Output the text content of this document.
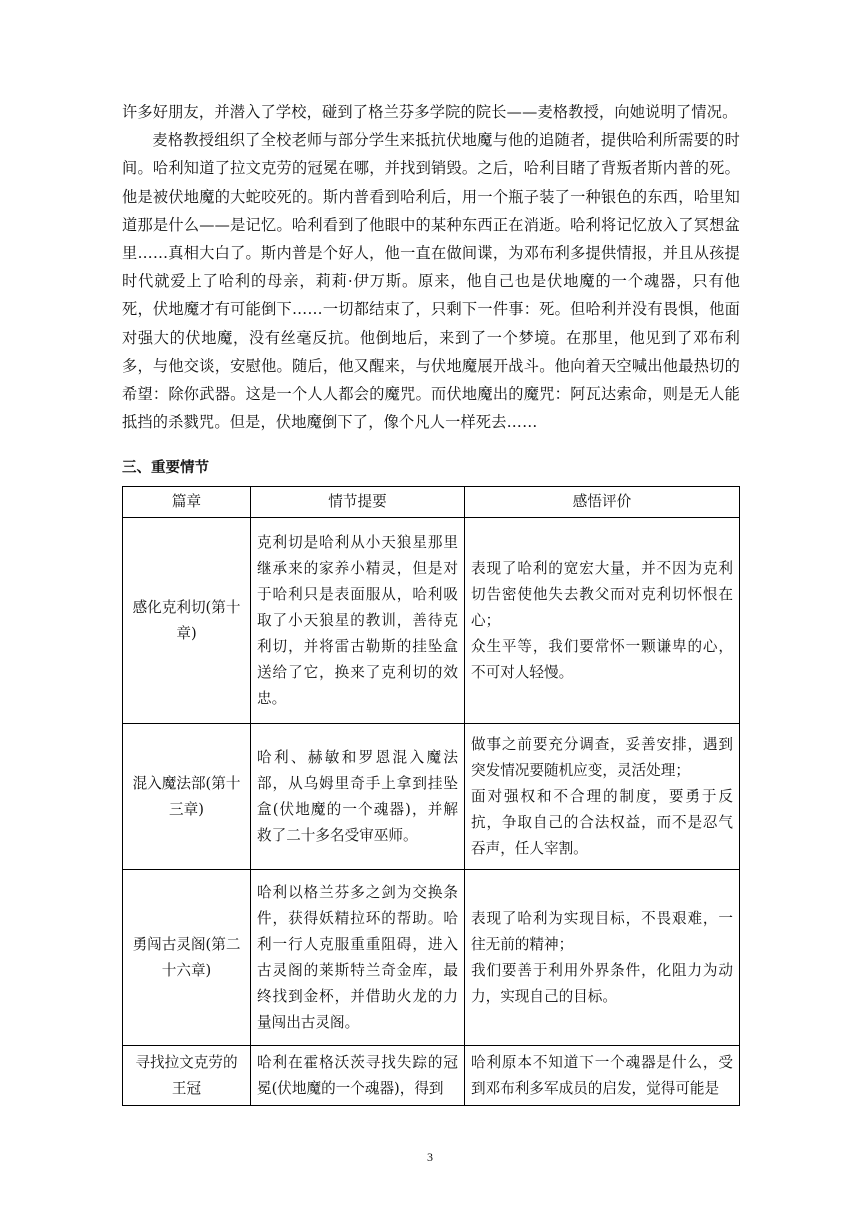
许多好朋友，并潜入了学校，碰到了格兰芬多学院的院长——麦格教授，向她说明了情况。

麦格教授组织了全校老师与部分学生来抵抗伏地魔与他的追随者，提供哈利所需要的时间。哈利知道了拉文克劳的冠冕在哪，并找到销毁。之后，哈利目睹了背叛者斯内普的死。他是被伏地魔的大蛇咬死的。斯内普看到哈利后，用一个瓶子装了一种银色的东西，哈里知道那是什么——是记忆。哈利看到了他眼中的某种东西正在消逝。哈利将记忆放入了冥想盆里……真相大白了。斯内普是个好人，他一直在做间谍，为邓布利多提供情报，并且从孩提时代就爱上了哈利的母亲，莉莉·伊万斯。原来，他自己也是伏地魔的一个魂器，只有他死，伏地魔才有可能倒下……一切都结束了，只剩下一件事：死。但哈利并没有畏惧，他面对强大的伏地魔，没有丝毫反抗。他倒地后，来到了一个梦境。在那里，他见到了邓布利多，与他交谈，安慰他。随后，他又醒来，与伏地魔展开战斗。他向着天空喊出他最热切的希望：除你武器。这是一个人人都会的魔咒。而伏地魔出的魔咒：阿瓦达索命，则是无人能抵挡的杀戮咒。但是，伏地魔倒下了，像个凡人一样死去……

三、重要情节
篇章	情节提要	感悟评价
感化克利切(第十章)	克利切是哈利从小天狼星那里继承来的家养小精灵，但是对于哈利只是表面服从，哈利吸取了小天狼星的教训，善待克利切，并将雷古勒斯的挂坠盒送给了它，换来了克利切的效忠。	表现了哈利的宽宏大量，并不因为克利切告密使他失去教父而对克利切怀恨在心；

众生平等，我们要常怀一颗谦卑的心，不可对人轻慢。

混入魔法部(第十三章)	哈利、赫敏和罗恩混入魔法部，从乌姆里奇手上拿到挂坠盒(伏地魔的一个魂器)，并解救了二十多名受审巫师。	做事之前要充分调查，妥善安排，遇到突发情况要随机应变，灵活处理；

面对强权和不合理的制度，要勇于反抗，争取自己的合法权益，而不是忍气吞声，任人宰割。

勇闯古灵阁(第二十六章)	哈利以格兰芬多之剑为交换条件，获得妖精拉环的帮助。哈利一行人克服重重阻碍，进入古灵阁的莱斯特兰奇金库，最终找到金杯，并借助火龙的力量闯出古灵阁。	表现了哈利为实现目标，不畏艰难，一往无前的精神；

我们要善于利用外界条件，化阻力为动力，实现自己的目标。

寻找拉文克劳的王冠	哈利在霍格沃茨寻找失踪的冠冕(伏地魔的一个魂器)，得到	哈利原本不知道下一个魂器是什么，受到邓布利多军成员的启发，觉得可能是

3
